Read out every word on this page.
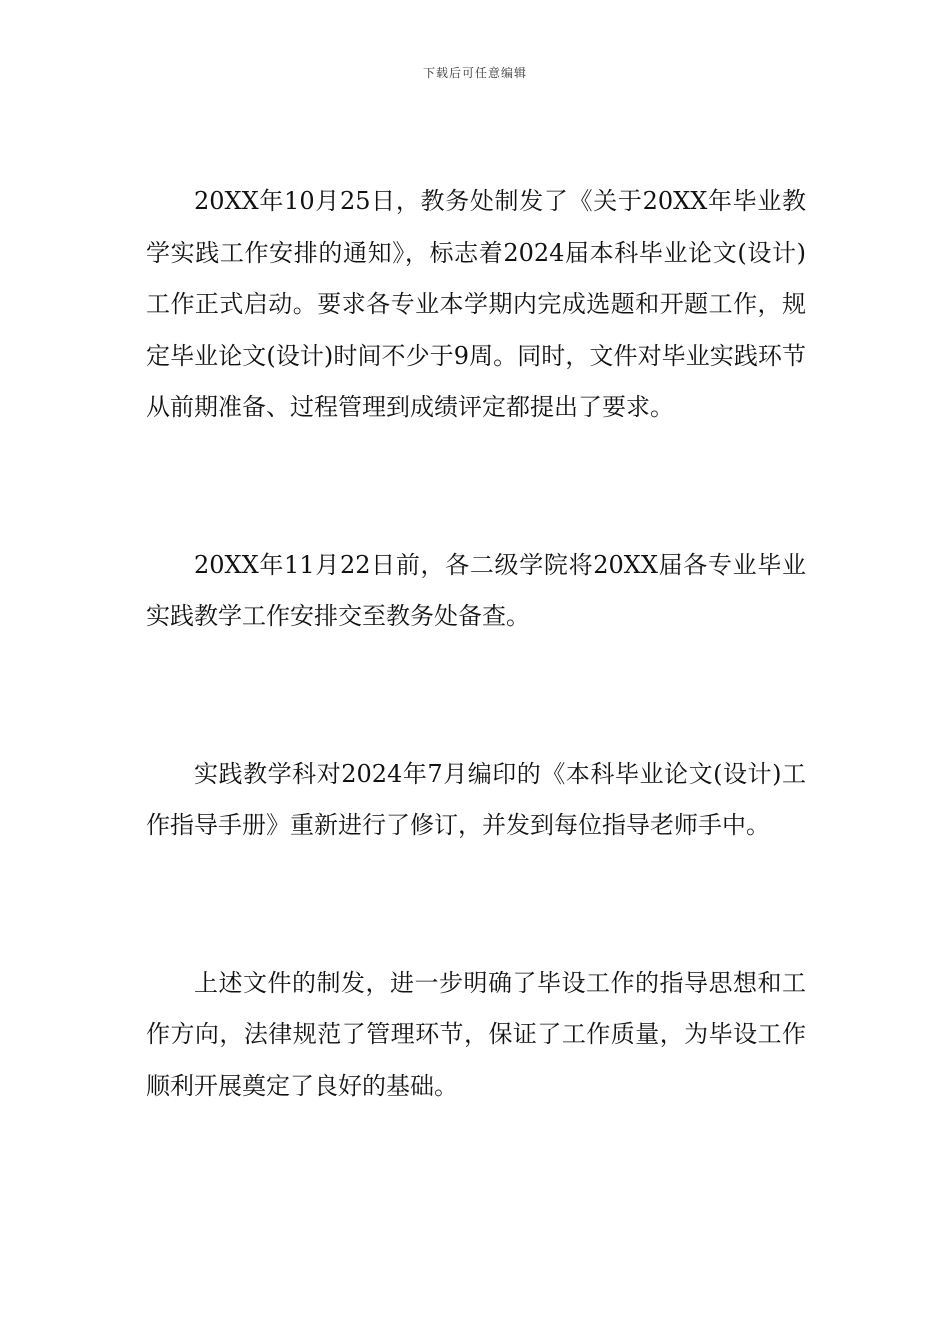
下载后可任意编辑

20XX年10月25日，教务处制发了《关于20XX年毕业教学实践工作安排的通知》，标志着2024届本科毕业论文(设计)工作正式启动。要求各专业本学期内完成选题和开题工作，规定毕业论文(设计)时间不少于9周。同时，文件对毕业实践环节从前期准备、过程管理到成绩评定都提出了要求。

20XX年11月22日前，各二级学院将20XX届各专业毕业实践教学工作安排交至教务处备查。

实践教学科对2024年7月编印的《本科毕业论文(设计)工作指导手册》重新进行了修订，并发到每位指导老师手中。

上述文件的制发，进一步明确了毕设工作的指导思想和工作方向，法律规范了管理环节，保证了工作质量，为毕设工作顺利开展奠定了良好的基础。
